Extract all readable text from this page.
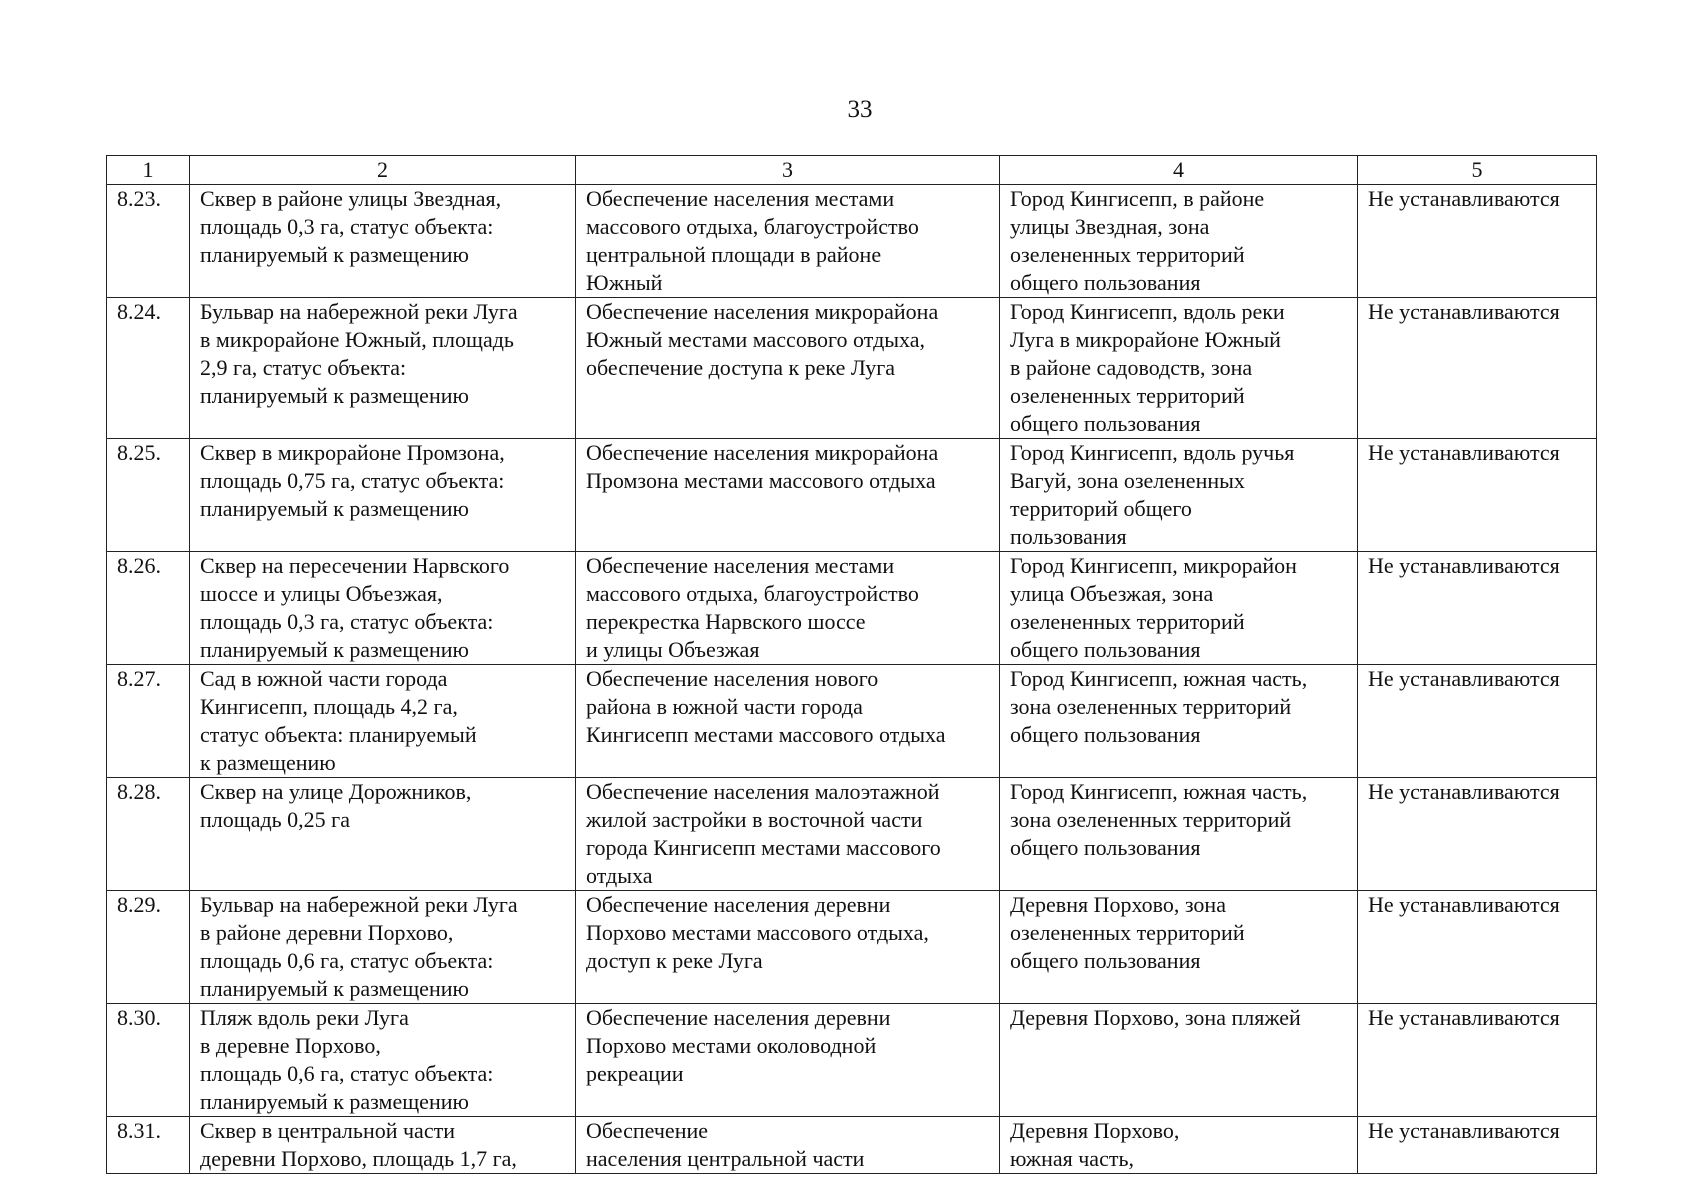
33
1	2	3	4	5
8.23.	Сквер в районе улицы Звездная,
площадь 0,3 га, статус объекта:
планируемый к размещению	Обеспечение населения местами
массового отдыха, благоустройство
центральной площади в районе
Южный	Город Кингисепп, в районе
улицы Звездная, зона
озелененных территорий
общего пользования	Не устанавливаются
8.24.	Бульвар на набережной реки Луга
в микрорайоне Южный, площадь
2,9 га, статус объекта:
планируемый к размещению	Обеспечение населения микрорайона
Южный местами массового отдыха,
обеспечение доступа к реке Луга	Город Кингисепп, вдоль реки
Луга в микрорайоне Южный
в районе садоводств, зона
озелененных территорий
общего пользования	Не устанавливаются
8.25.	Сквер в микрорайоне Промзона,
площадь 0,75 га, статус объекта:
планируемый к размещению	Обеспечение населения микрорайона
Промзона местами массового отдыха	Город Кингисепп, вдоль ручья
Вагуй, зона озелененных
территорий общего
пользования	Не устанавливаются
8.26.	Сквер на пересечении Нарвского
шоссе и улицы Объезжая,
площадь 0,3 га, статус объекта:
планируемый к размещению	Обеспечение населения местами
массового отдыха, благоустройство
перекрестка Нарвского шоссе
и улицы Объезжая	Город Кингисепп, микрорайон
улица Объезжая, зона
озелененных территорий
общего пользования	Не устанавливаются
8.27.	Сад в южной части города
Кингисепп, площадь 4,2 га,
статус объекта: планируемый
к размещению	Обеспечение населения нового
района в южной части города
Кингисепп местами массового отдыха	Город Кингисепп, южная часть,
зона озелененных территорий
общего пользования	Не устанавливаются
8.28.	Сквер на улице Дорожников,
площадь 0,25 га	Обеспечение населения малоэтажной
жилой застройки в восточной части
города Кингисепп местами массового
отдыха	Город Кингисепп, южная часть,
зона озелененных территорий
общего пользования	Не устанавливаются
8.29.	Бульвар на набережной реки Луга
в районе деревни Порхово,
площадь 0,6 га, статус объекта:
планируемый к размещению	Обеспечение населения деревни
Порхово местами массового отдыха,
доступ к реке Луга	Деревня Порхово, зона
озелененных территорий
общего пользования	Не устанавливаются
8.30.	Пляж вдоль реки Луга
в деревне Порхово,
площадь 0,6 га, статус объекта:
планируемый к размещению	Обеспечение населения деревни
Порхово местами околоводной
рекреации	Деревня Порхово, зона пляжей	Не устанавливаются
8.31.	Сквер в центральной части
деревни Порхово, площадь 1,7 га,	Обеспечение
населения центральной части	Деревня Порхово,
южная часть,	Не устанавливаются
